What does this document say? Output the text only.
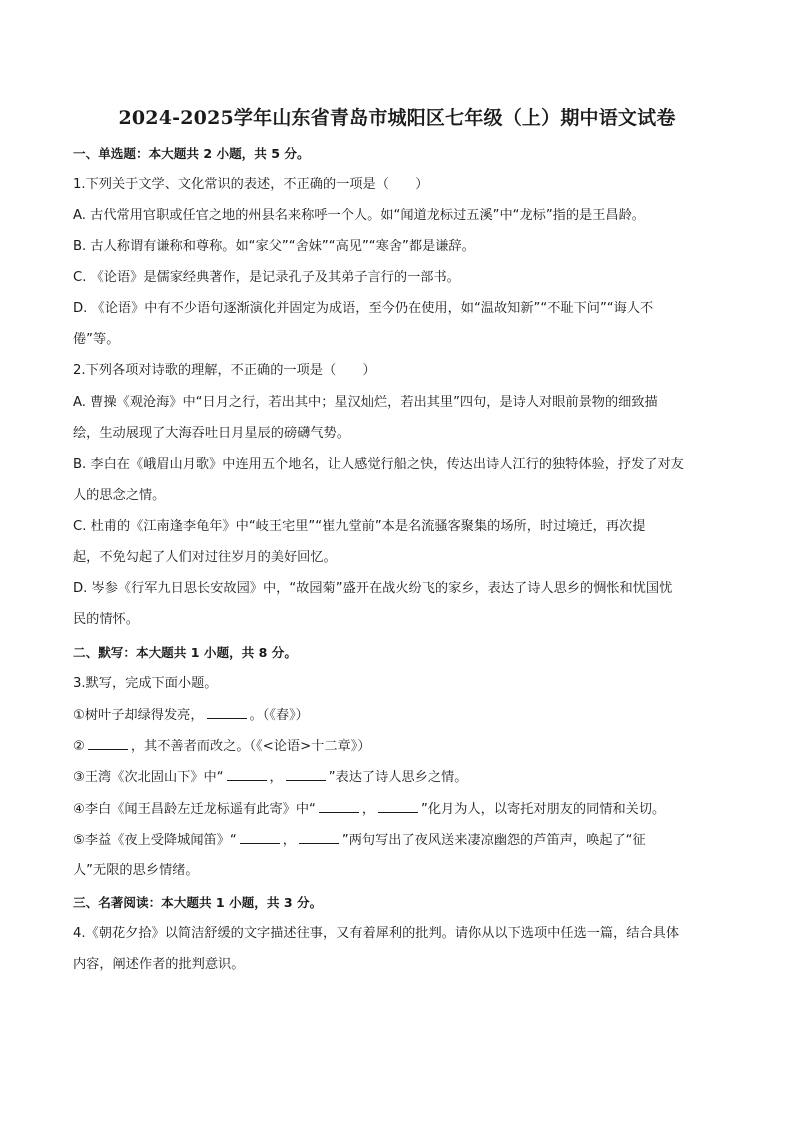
2024-2025学年山东省青岛市城阳区七年级（上）期中语文试卷
一、单选题：本大题共 2 小题，共 5 分。
1.下列关于文学、文化常识的表述，不正确的一项是（　　）
A. 古代常用官职或任官之地的州县名来称呼一个人。如“闻道龙标过五溪”中“龙标”指的是王昌龄。
B. 古人称谓有谦称和尊称。如“家父”“舍妹”“高见”“寒舍”都是谦辞。
C. 《论语》是儒家经典著作，是记录孔子及其弟子言行的一部书。
D. 《论语》中有不少语句逐渐演化并固定为成语，至今仍在使用，如“温故知新”“不耻下问”“诲人不
倦”等。
2.下列各项对诗歌的理解，不正确的一项是（　　）
A. 曹操《观沧海》中“日月之行，若出其中；星汉灿烂，若出其里”四句，是诗人对眼前景物的细致描
绘，生动展现了大海吞吐日月星辰的磅礴气势。
B. 李白在《峨眉山月歌》中连用五个地名，让人感觉行船之快，传达出诗人江行的独特体验，抒发了对友
人的思念之情。
C. 杜甫的《江南逢李龟年》中“岐王宅里”“崔九堂前”本是名流骚客聚集的场所，时过境迁，再次提
起，不免勾起了人们对过往岁月的美好回忆。
D. 岑参《行军九日思长安故园》中，“故园菊”盛开在战火纷飞的家乡，表达了诗人思乡的惆怅和忧国忧
民的情怀。
二、默写：本大题共 1 小题，共 8 分。
3.默写，完成下面小题。
①树叶子却绿得发亮，	。（《春》）
②	，其不善者而改之。（《<论语>十二章》）
③王湾《次北固山下》中“	，	”表达了诗人思乡之情。
④李白《闻王昌龄左迁龙标遥有此寄》中“	，	”化月为人，以寄托对朋友的同情和关切。
⑤李益《夜上受降城闻笛》“	，	”两句写出了夜风送来凄凉幽怨的芦笛声，唤起了“征
人”无限的思乡情绪。
三、名著阅读：本大题共 1 小题，共 3 分。
4.《朝花夕拾》以简洁舒缓的文字描述往事，又有着犀利的批判。请你从以下选项中任选一篇，结合具体
内容，阐述作者的批判意识。
